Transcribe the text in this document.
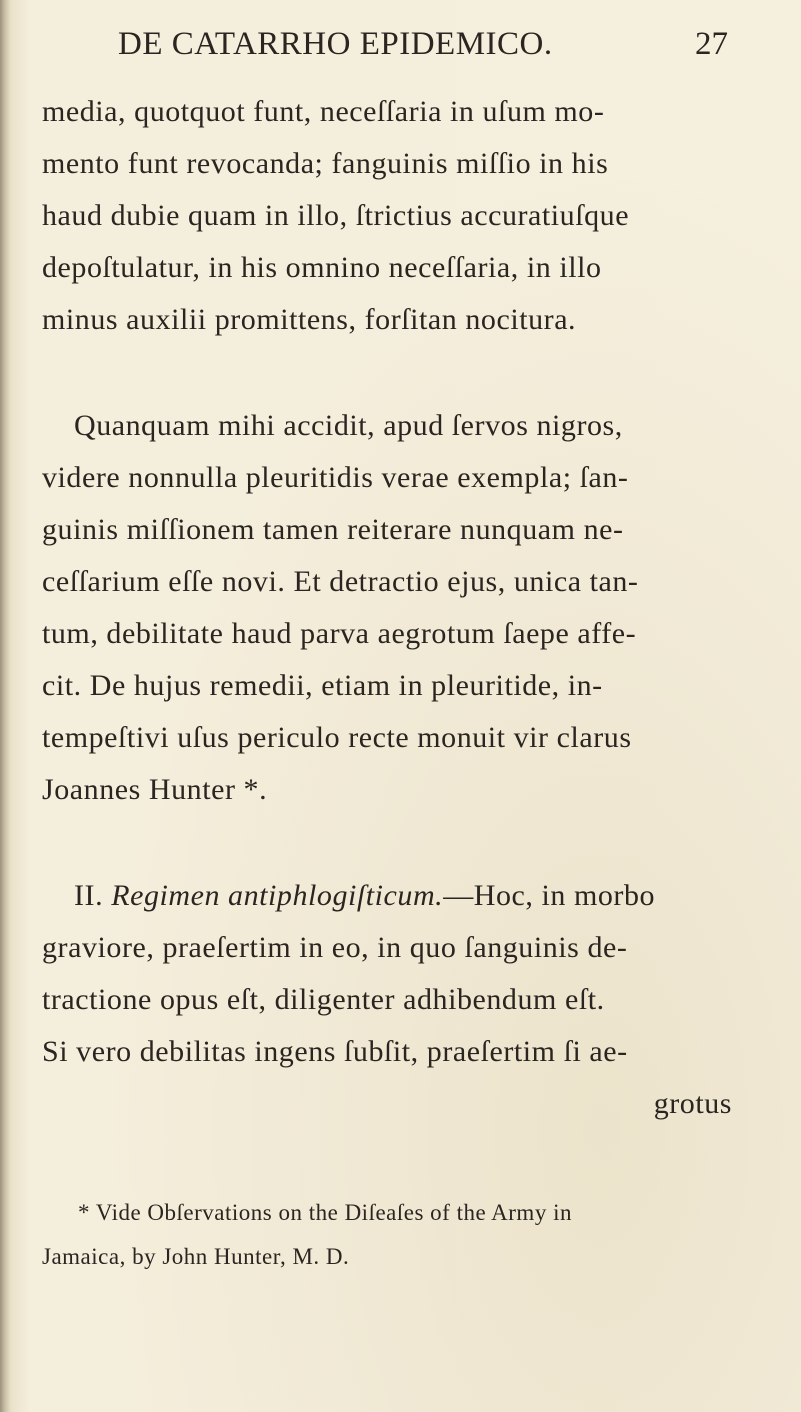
DE CATARRHO EPIDEMICO.	27
media, quotquot funt, neceſſaria in uſum mo-
mento funt revocanda; fanguinis miſſio in his
haud dubie quam in illo, ſtrictius accuratiuſque
depoſtulatur, in his omnino neceſſaria, in illo
minus auxilii promittens, forſitan nocitura.
Quanquam mihi accidit, apud ſervos nigros,
videre nonnulla pleuritidis verae exempla; ſan-
guinis miſſionem tamen reiterare nunquam ne-
ceſſarium eſſe novi. Et detractio ejus, unica tan-
tum, debilitate haud parva aegrotum ſaepe affe-
cit. De hujus remedii, etiam in pleuritide, in-
tempeſtivi uſus periculo recte monuit vir clarus
Joannes Hunter *.
II. Regimen antiphlogiſticum.—Hoc, in morbo
graviore, praeſertim in eo, in quo ſanguinis de-
tractione opus eſt, diligenter adhibendum eſt.
Si vero debilitas ingens ſubſit, praeſertim ſi ae-
grotus
* Vide Obſervations on the Diſeaſes of the Army in
Jamaica, by John Hunter, M. D.
